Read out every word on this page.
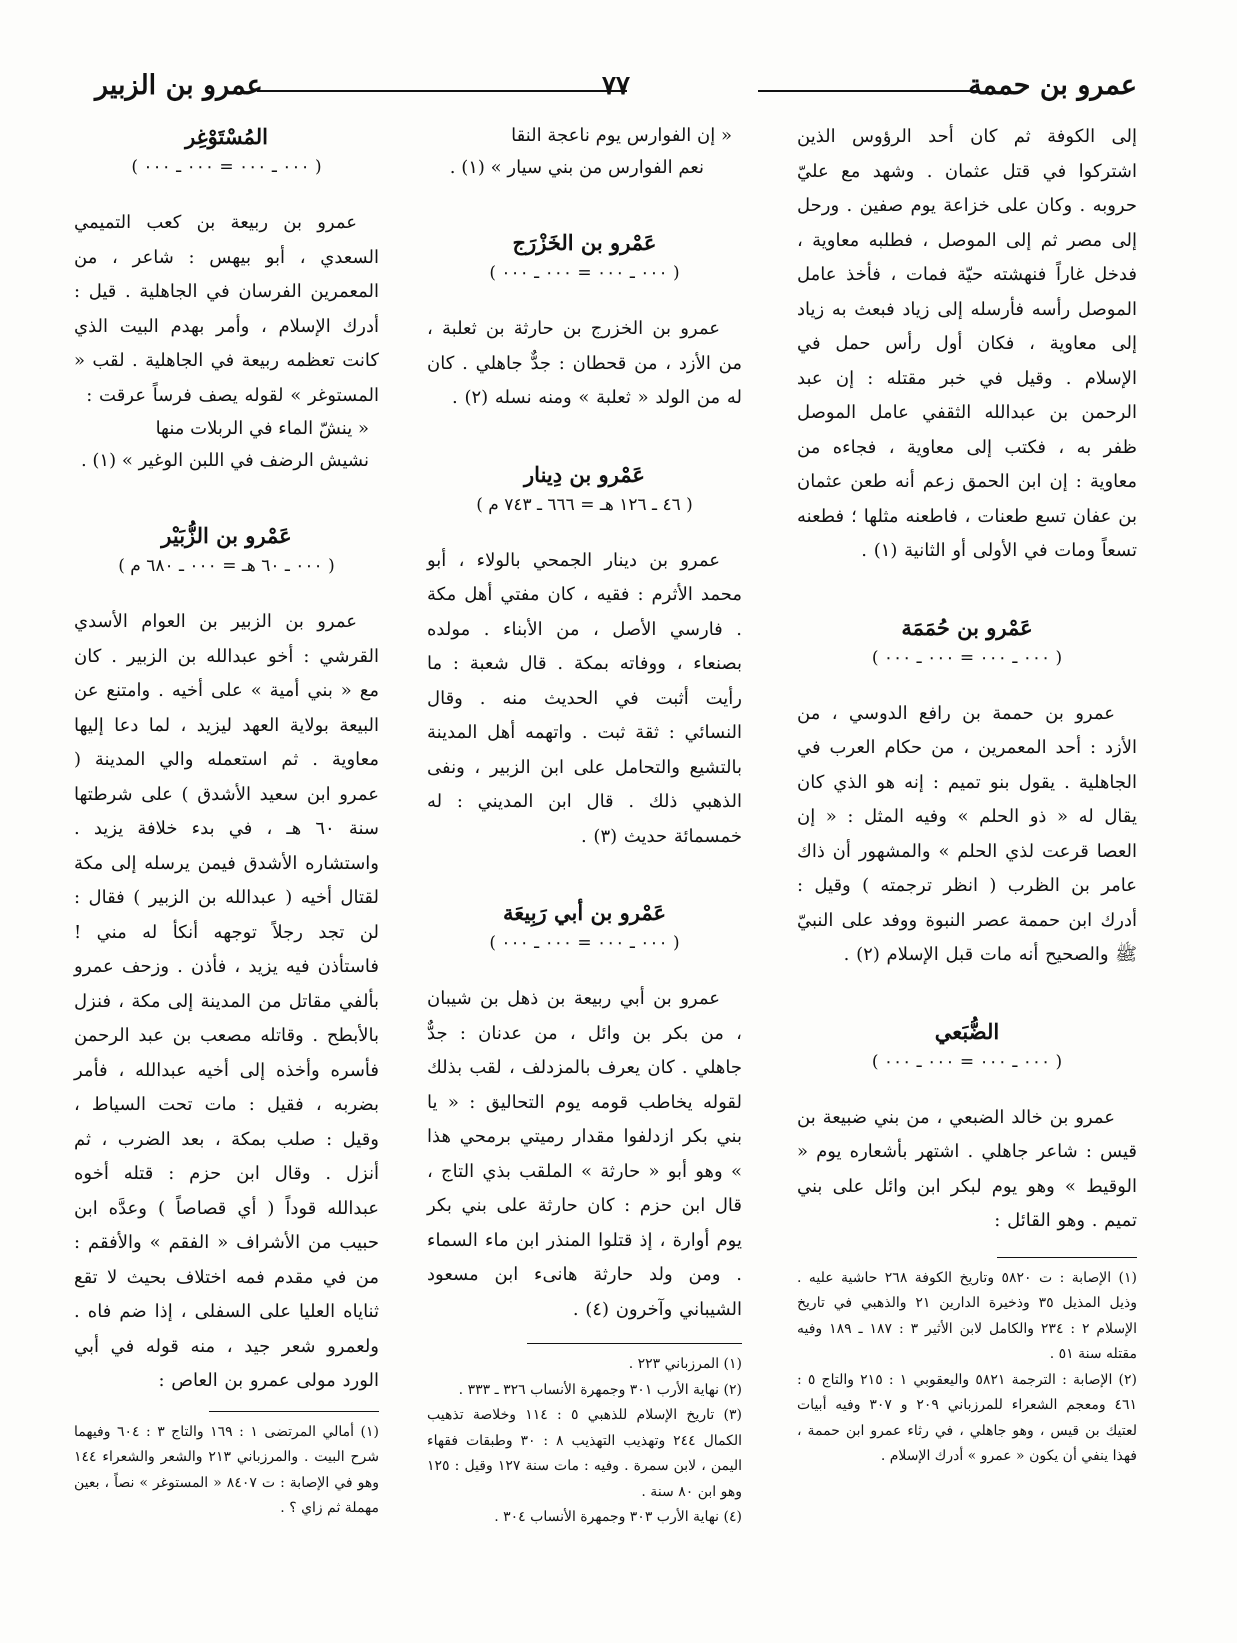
عمرو بن حممة
٧٧
عمرو بن الزبير

إلى الكوفة ثم كان أحد الرؤوس الذين اشتركوا في قتل عثمان . وشهد مع عليّ حروبه . وكان على خزاعة يوم صفين . ورحل إلى مصر ثم إلى الموصل ، فطلبه معاوية ، فدخل غاراً فنهشته حيّة فمات ، فأخذ عامل الموصل رأسه فأرسله إلى زياد فبعث به زياد إلى معاوية ، فكان أول رأس حمل في الإسلام . وقيل في خبر مقتله : إن عبد الرحمن بن عبدالله الثقفي عامل الموصل ظفر به ، فكتب إلى معاوية ، فجاءه من معاوية : إن ابن الحمق زعم أنه طعن عثمان بن عفان تسع طعنات ، فاطعنه مثلها ؛ فطعنه تسعاً ومات في الأولى أو الثانية (١) .

عَمْرو بن حُمَمَة

( ٠٠٠ ـ ٠٠٠ = ٠٠٠ ـ ٠٠٠ )

عمرو بن حممة بن رافع الدوسي ، من الأزد : أحد المعمرين ، من حكام العرب في الجاهلية . يقول بنو تميم : إنه هو الذي كان يقال له « ذو الحلم » وفيه المثل : « إن العصا قرعت لذي الحلم » والمشهور أن ذاك عامر بن الظرب ( انظر ترجمته ) وقيل : أدرك ابن حممة عصر النبوة ووفد على النبيّ ﷺ والصحيح أنه مات قبل الإسلام (٢) .

الضُّبَعي

( ٠٠٠ ـ ٠٠٠ = ٠٠٠ ـ ٠٠٠ )

عمرو بن خالد الضبعي ، من بني ضبيعة بن قيس : شاعر جاهلي . اشتهر بأشعاره يوم « الوقيط » وهو يوم لبكر ابن وائل على بني تميم . وهو القائل :

(١) الإصابة : ت ٥٨٢٠ وتاريخ الكوفة ٢٦٨ حاشية عليه . وذيل المذيل ٣٥ وذخيرة الدارين ٢١ والذهبي في تاريخ الإسلام ٢ : ٢٣٤ والكامل لابن الأثير ٣ : ١٨٧ ـ ١٨٩ وفيه مقتله سنة ٥١ .

(٢) الإصابة : الترجمة ٥٨٢١ واليعقوبي ١ : ٢١٥ والتاج ٥ : ٤٦١ ومعجم الشعراء للمرزباني ٢٠٩ و ٣٠٧ وفيه أبيات لعتيك بن قيس ، وهو جاهلي ، في رثاء عمرو ابن حممة ، فهذا ينفي أن يكون « عمرو » أدرك الإسلام .

« إن الفوارس يوم ناعجة النقا
نعم الفوارس من بني سيار » (١) .
عَمْرو بن الخَزْرَج

( ٠٠٠ ـ ٠٠٠ = ٠٠٠ ـ ٠٠٠ )

عمرو بن الخزرج بن حارثة بن ثعلبة ، من الأزد ، من قحطان : جدٌّ جاهلي . كان له من الولد « ثعلبة » ومنه نسله (٢) .

عَمْرو بن دِينار

( ٤٦ ـ ١٢٦ هـ = ٦٦٦ ـ ٧٤٣ م )

عمرو بن دينار الجمحي بالولاء ، أبو محمد الأثرم : فقيه ، كان مفتي أهل مكة . فارسي الأصل ، من الأبناء . مولده بصنعاء ، ووفاته بمكة . قال شعبة : ما رأيت أثبت في الحديث منه . وقال النسائي : ثقة ثبت . واتهمه أهل المدينة بالتشيع والتحامل على ابن الزبير ، ونفى الذهبي ذلك . قال ابن المديني : له خمسمائة حديث (٣) .

عَمْرو بن أبي رَبِيعَة

( ٠٠٠ ـ ٠٠٠ = ٠٠٠ ـ ٠٠٠ )

عمرو بن أبي ربيعة بن ذهل بن شيبان ، من بكر بن وائل ، من عدنان : جدٌّ جاهلي . كان يعرف بالمزدلف ، لقب بذلك لقوله يخاطب قومه يوم التحاليق : « يا بني بكر ازدلفوا مقدار رميتي برمحي هذا » وهو أبو « حارثة » الملقب بذي التاج ، قال ابن حزم : كان حارثة على بني بكر يوم أوارة ، إذ قتلوا المنذر ابن ماء السماء . ومن ولد حارثة هانىء ابن مسعود الشيباني وآخرون (٤) .

(١) المرزباني ٢٢٣ .

(٢) نهاية الأرب ٣٠١ وجمهرة الأنساب ٣٢٦ ـ ٣٣٣ .

(٣) تاريخ الإسلام للذهبي ٥ : ١١٤ وخلاصة تذهيب الكمال ٢٤٤ وتهذيب التهذيب ٨ : ٣٠ وطبقات فقهاء اليمن ، لابن سمرة . وفيه : مات سنة ١٢٧ وقيل : ١٢٥ وهو ابن ٨٠ سنة .

(٤) نهاية الأرب ٣٠٣ وجمهرة الأنساب ٣٠٤ .

المُسْتَوْغِر

( ٠٠٠ ـ ٠٠٠ = ٠٠٠ ـ ٠٠٠ )

عمرو بن ربيعة بن كعب التميمي السعدي ، أبو بيهس : شاعر ، من المعمرين الفرسان في الجاهلية . قيل : أدرك الإسلام ، وأمر بهدم البيت الذي كانت تعظمه ربيعة في الجاهلية . لقب « المستوغر » لقوله يصف فرساً عرقت :

« ينشّ الماء في الربلات منها
نشيش الرضف في اللبن الوغير » (١) .
عَمْرو بن الزُّبَيْر

( ٠٠٠ ـ ٦٠ هـ = ٠٠٠ ـ ٦٨٠ م )

عمرو بن الزبير بن العوام الأسدي القرشي : أخو عبدالله بن الزبير . كان مع « بني أمية » على أخيه . وامتنع عن البيعة بولاية العهد ليزيد ، لما دعا إليها معاوية . ثم استعمله والي المدينة ( عمرو ابن سعيد الأشدق ) على شرطتها سنة ٦٠ هـ ، في بدء خلافة يزيد . واستشاره الأشدق فيمن يرسله إلى مكة لقتال أخيه ( عبدالله بن الزبير ) فقال : لن تجد رجلاً توجهه أنكأ له مني ! فاستأذن فيه يزيد ، فأذن . وزحف عمرو بألفي مقاتل من المدينة إلى مكة ، فنزل بالأبطح . وقاتله مصعب بن عبد الرحمن فأسره وأخذه إلى أخيه عبدالله ، فأمر بضربه ، فقيل : مات تحت السياط ، وقيل : صلب بمكة ، بعد الضرب ، ثم أنزل . وقال ابن حزم : قتله أخوه عبدالله قوداً ( أي قصاصاً ) وعدَّه ابن حبيب من الأشراف « الفقم » والأفقم : من في مقدم فمه اختلاف بحيث لا تقع ثناياه العليا على السفلى ، إذا ضم فاه . ولعمرو شعر جيد ، منه قوله في أبي الورد مولى عمرو بن العاص :

(١) أمالي المرتضى ١ : ١٦٩ والتاج ٣ : ٦٠٤ وفيهما شرح البيت . والمرزباني ٢١٣ والشعر والشعراء ١٤٤ وهو في الإصابة : ت ٨٤٠٧ « المستوغر » نصاً ، بعين مهملة ثم زاي ؟ .
